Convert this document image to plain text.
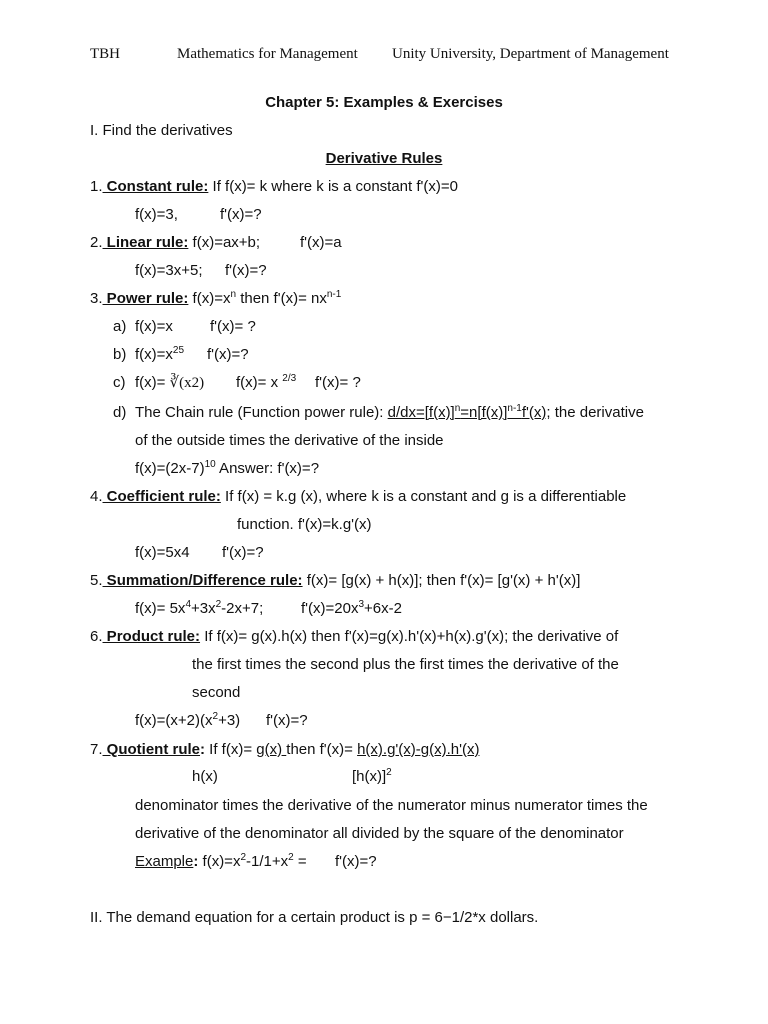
TBH	Mathematics for Management Unity University, Department of Management
Chapter 5: Examples & Exercises
I. Find the derivatives
Derivative Rules
1. Constant rule: If f(x)= k where k is a constant f'(x)=0
f(x)=3,	f'(x)=?
2. Linear rule: f(x)=ax+b;	f'(x)=a
f(x)=3x+5; f'(x)=?
3. Power rule: $f(x)=x^n$ then $f'(x)= nx^{n-1}$
a) f(x)=x f'(x)= ?
b) $f(x)=x^{25}$ f'(x)=?
c) f(x)= ∛(x2) f(x)= x $^{2/3}$ f'(x)= ?
d) The Chain rule (Function power rule): $d/dx=[f(x)]^n=n[f(x)]^{n-1}f'(x)$; the derivative
of the outside times the derivative of the inside
$f(x)=(2x-7)^{10}$ Answer: f'(x)=?
4. Coefficient rule: If f(x) = k.g (x), where k is a constant and g is a differentiable
function. f'(x)=k.g'(x)
f(x)=5x4 f'(x)=?
5. Summation/Difference rule: f(x)= [g(x) + h(x)]; then f'(x)= [g'(x) + h'(x)]
$f(x)= 5x^4+3x^2-2x+7$;	$f'(x)=20x^3+6x-2$
6. Product rule: If f(x)= g(x).h(x) then f'(x)=g(x).h'(x)+h(x).g'(x); the derivative of
the first times the second plus the first times the derivative of the
second
$f(x)=(x+2)(x^2+3)$ f'(x)=?
7. Quotient rule: If f(x)= g(x) then f'(x)= h(x).g'(x)-g(x).h'(x)
h(x)	$[h(x)]^2$
denominator times the derivative of the numerator minus numerator times the
derivative of the denominator all divided by the square of the denominator
Example: $f(x)=x^2-1/1+x^2 = f'(x)=$?
II. The demand equation for a certain product is p = 6−1/2*x dollars.
